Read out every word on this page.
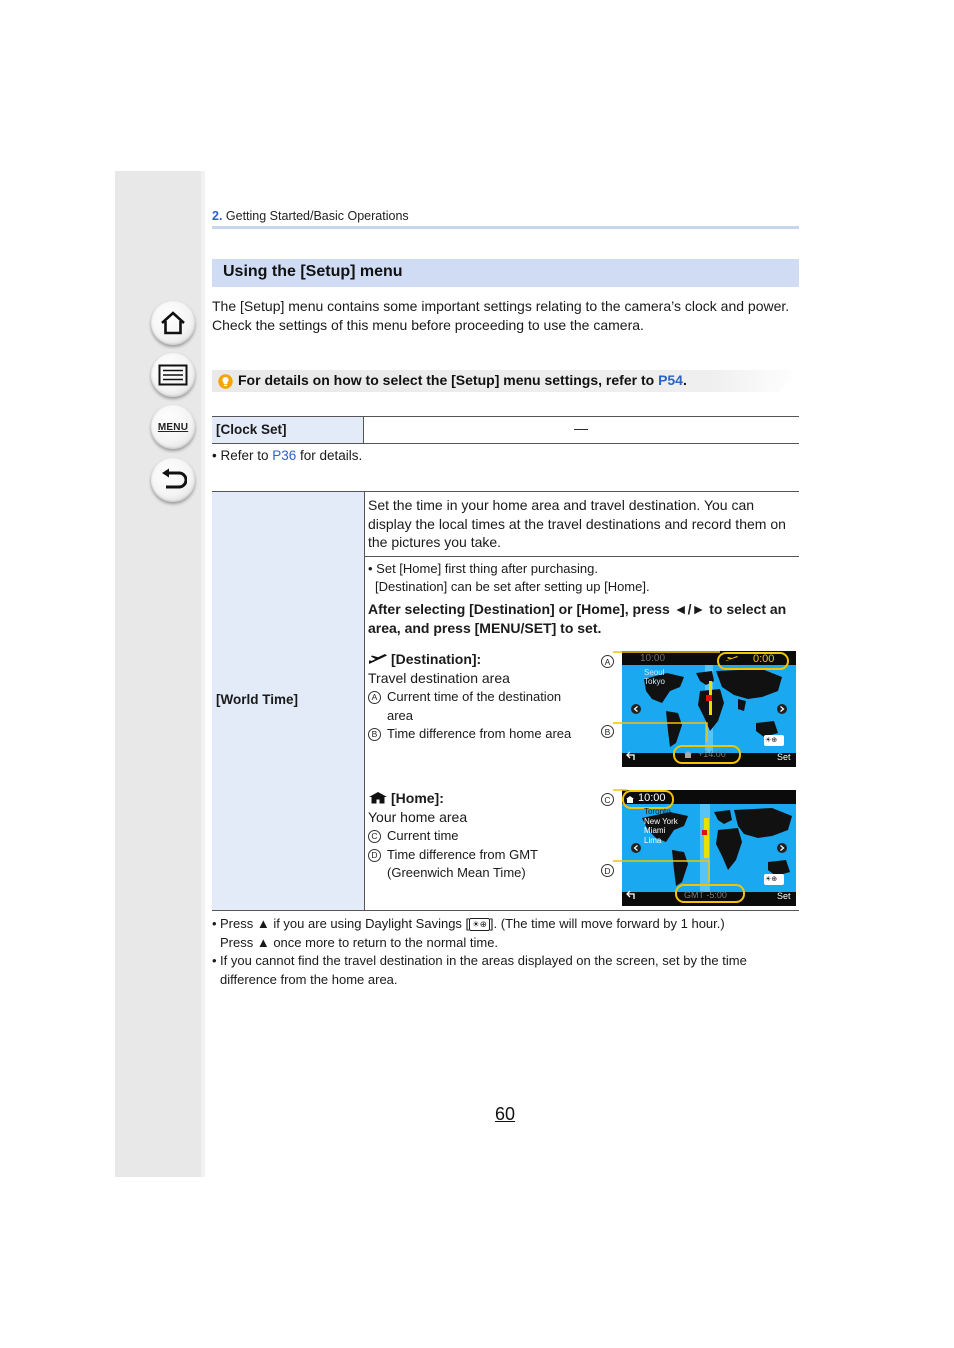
MENU
2. Getting Started/Basic Operations
Using the [Setup] menu

The [Setup] menu contains some important settings relating to the camera’s clock and power.

Check the settings of this menu before proceeding to use the camera.

For details on how to select the [Setup] menu settings, refer to P54.
[Clock Set]	—
• Refer to P36 for details.
[World Time]
Set the time in your home area and travel destination. You can display the local times at the travel destinations and record them on the pictures you take.
• Set [Home] first thing after purchasing.
[Destination] can be set after setting up [Home].
After selecting [Destination] or [Home], press ◄/► to select an area, and press [MENU/SET] to set.
[Destination]:
Travel destination area
A Current time of the destination area
B Time difference from home area
[Home]:
Your home area
C Current time
D Time difference from GMT (Greenwich Mean Time)
10:00	0:00
Seoul
Tokyo
+14:00	Set
☀⊕
10:00
Toronto
New York
Miami
Lima
GMT -5:00	Set
☀⊕
A
B
C
D
• Press ▲ if you are using Daylight Savings [ ☀⊕ ]. (The time will move forward by 1 hour.)
Press ▲ once more to return to the normal time.
• If you cannot find the travel destination in the areas displayed on the screen, set by the time difference from the home area.
60
